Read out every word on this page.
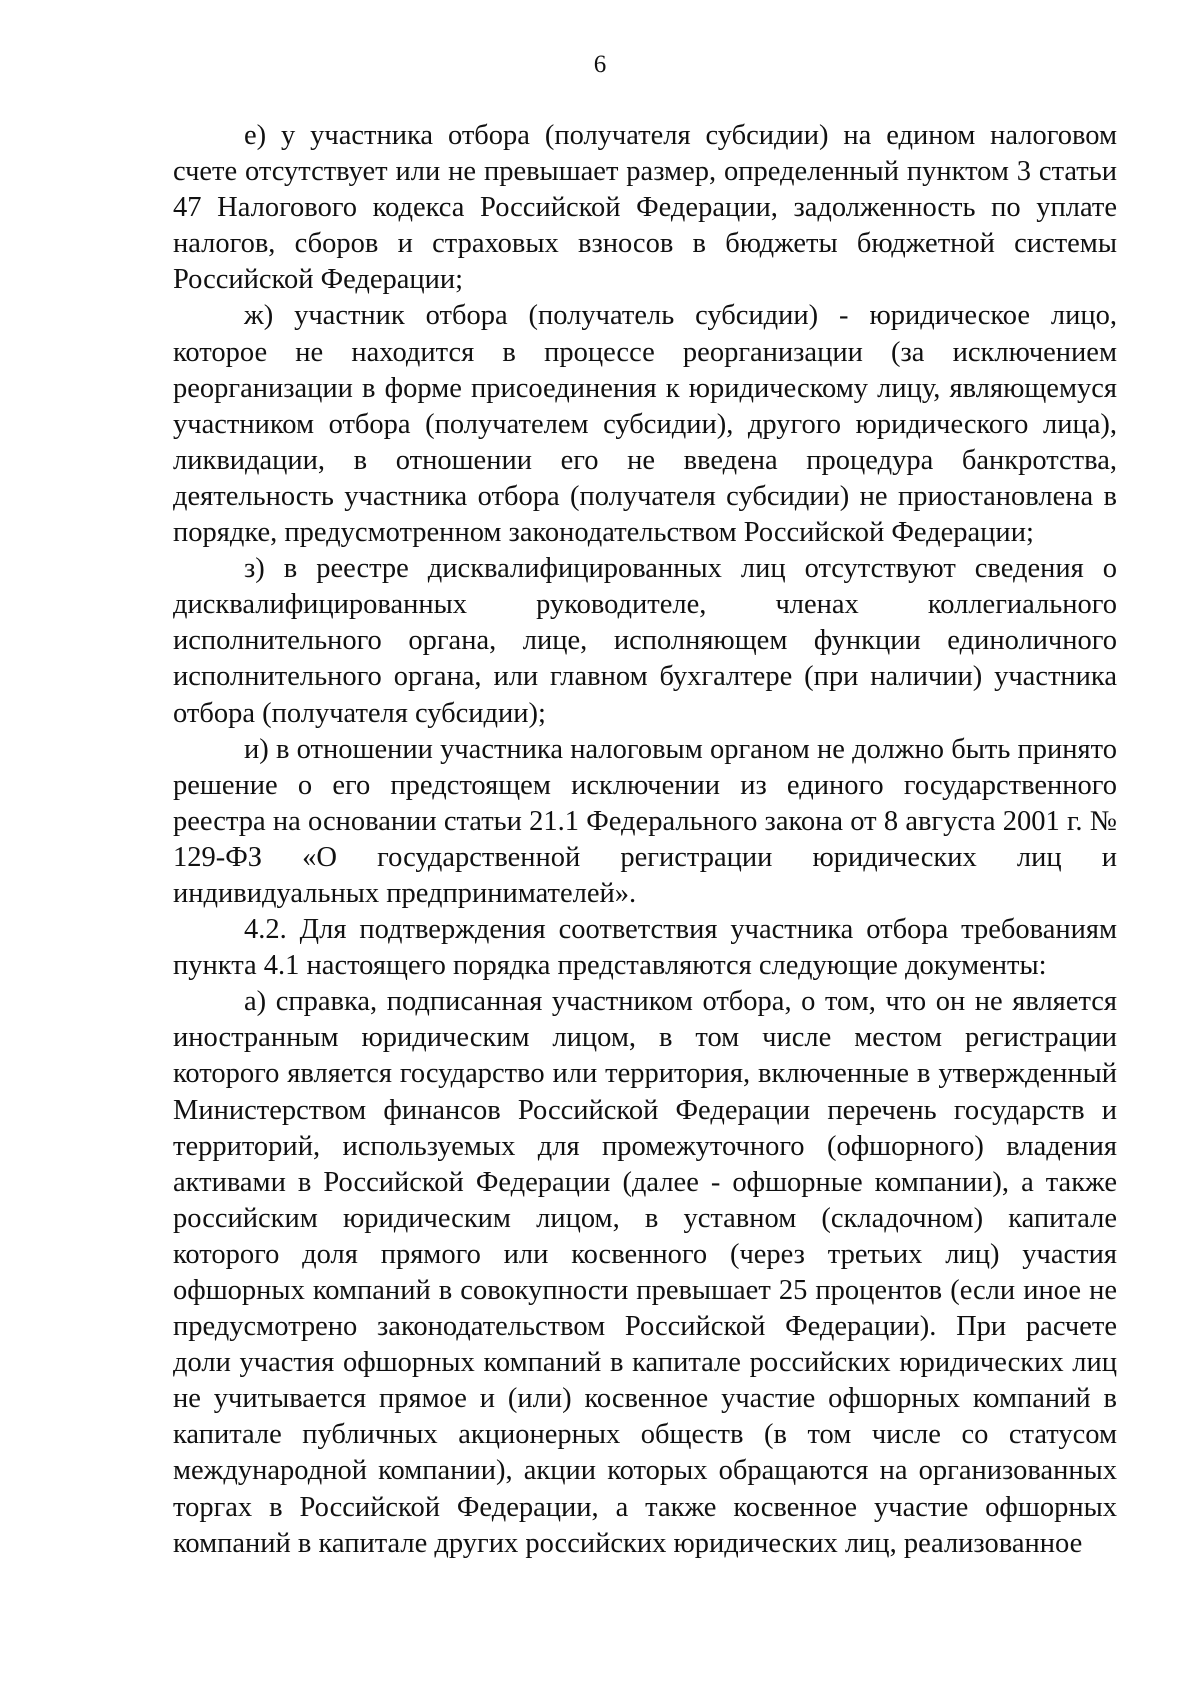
6

е) у участника отбора (получателя субсидии) на едином налоговом счете отсутствует или не превышает размер, определенный пунктом 3 статьи 47 Налогового кодекса Российской Федерации, задолженность по уплате налогов, сборов и страховых взносов в бюджеты бюджетной системы Российской Федерации;

ж) участник отбора (получатель субсидии) - юридическое лицо, которое не находится в процессе реорганизации (за исключением реорганизации в форме присоединения к юридическому лицу, являющемуся участником отбора (получателем субсидии), другого юридического лица), ликвидации, в отношении его не введена процедура банкротства, деятельность участника отбора (получателя субсидии) не приостановлена в порядке, предусмотренном законодательством Российской Федерации;

з) в реестре дисквалифицированных лиц отсутствуют сведения о дисквалифицированных руководителе, членах коллегиального исполнительного органа, лице, исполняющем функции единоличного исполнительного органа, или главном бухгалтере (при наличии) участника отбора (получателя субсидии);

и) в отношении участника налоговым органом не должно быть принято решение о его предстоящем исключении из единого государственного реестра на основании статьи 21.1 Федерального закона от 8 августа 2001 г. № 129-ФЗ «О государственной регистрации юридических лиц и индивидуальных предпринимателей».

4.2. Для подтверждения соответствия участника отбора требованиям пункта 4.1 настоящего порядка представляются следующие документы:

а) справка, подписанная участником отбора, о том, что он не является иностранным юридическим лицом, в том числе местом регистрации которого является государство или территория, включенные в утвержденный Министерством финансов Российской Федерации перечень государств и территорий, используемых для промежуточного (офшорного) владения активами в Российской Федерации (далее - офшорные компании), а также российским юридическим лицом, в уставном (складочном) капитале которого доля прямого или косвенного (через третьих лиц) участия офшорных компаний в совокупности превышает 25 процентов (если иное не предусмотрено законодательством Российской Федерации). При расчете доли участия офшорных компаний в капитале российских юридических лиц не учитывается прямое и (или) косвенное участие офшорных компаний в капитале публичных акционерных обществ (в том числе со статусом международной компании), акции которых обращаются на организованных торгах в Российской Федерации, а также косвенное участие офшорных компаний в капитале других российских юридических лиц, реализованное
